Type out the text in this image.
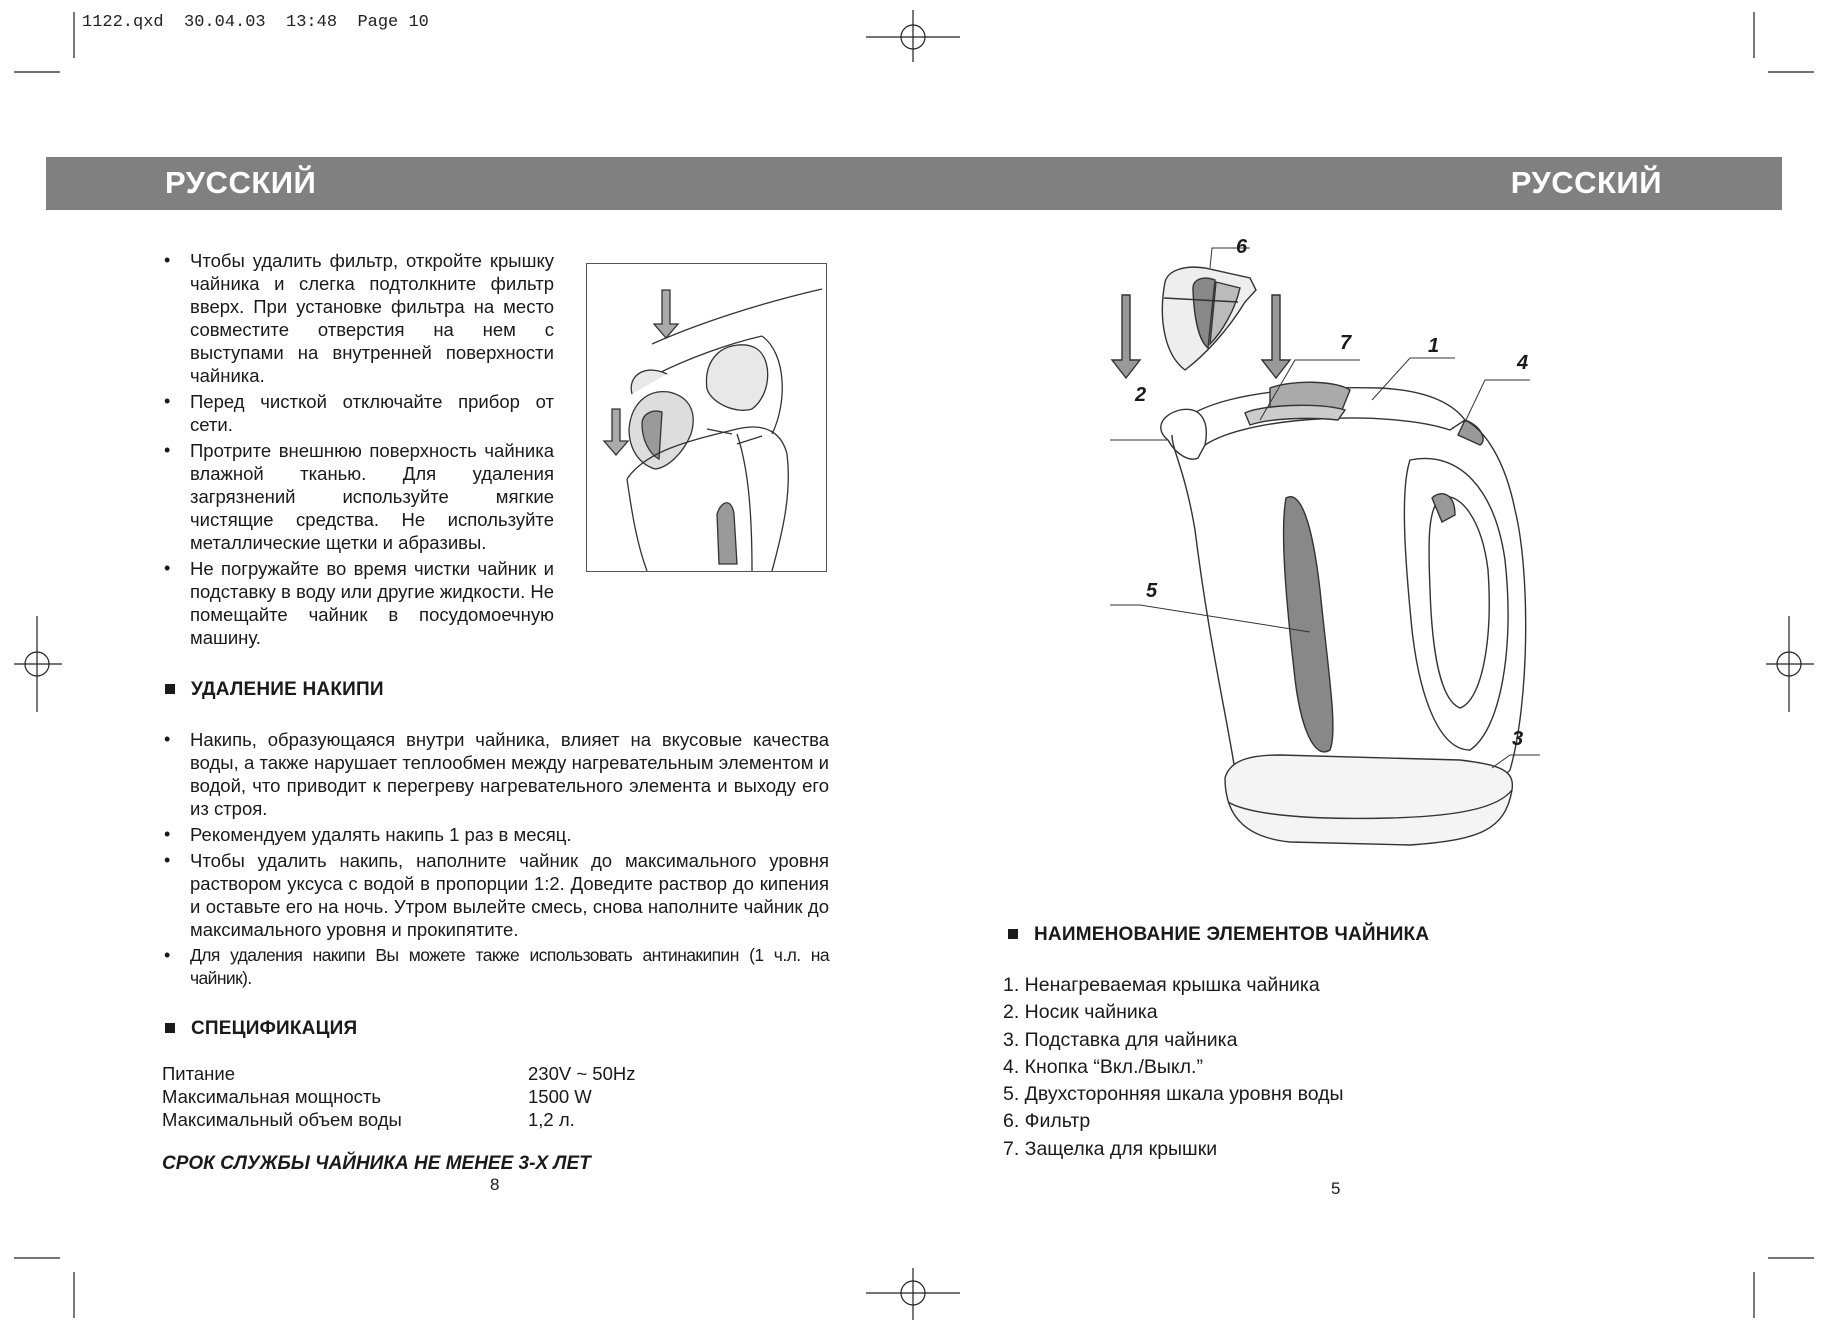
1122.qxd  30.04.03  13:48  Page 10
РУССКИЙ	РУССКИЙ
• Чтобы удалить фильтр, откройте крышку чайника и слегка подтолкните фильтр вверх. При установке фильтра на место совместите отверстия на нем с выступами на внутренней поверхности чайника.
• Перед чисткой отключайте прибор от сети.
• Протрите внешнюю поверхность чайника влажной тканью. Для удаления загрязнений используйте мягкие чистящие средства. Не используйте металлические щетки и абразивы.
• Не погружайте во время чистки чайник и подставку в воду или другие жидкости. Не помещайте чайник в посудомоечную машину.
УДАЛЕНИЕ НАКИПИ
• Накипь, образующаяся внутри чайника, влияет на вкусовые качества воды, а также нарушает теплообмен между нагревательным элементом и водой, что приводит к перегреву нагревательного элемента и выходу его из строя.
• Рекомендуем удалять накипь 1 раз в месяц.
• Чтобы удалить накипь, наполните чайник до максимального уровня раствором уксуса с водой в пропорции 1:2. Доведите раствор до кипения и оставьте его на ночь. Утром вылейте смесь, снова наполните чайник до максимального уровня и прокипятите.
• Для удаления накипи Вы можете также использовать антинакипин (1 ч.л. на чайник).
СПЕЦИФИКАЦИЯ
Питание	230V ~ 50Hz
Максимальная мощность	1500 W
Максимальный объем воды	1,2 л.
СРОК СЛУЖБЫ ЧАЙНИКА НЕ МЕНЕЕ 3-Х ЛЕТ
8
6
7	1
4
2
5
3
НАИМЕНОВАНИЕ ЭЛЕМЕНТОВ ЧАЙНИКА
1. Ненагреваемая крышка чайника
2. Носик чайника
3. Подставка для чайника
4. Кнопка “Вкл./Выкл.”
5. Двухсторонняя шкала уровня воды
6. Фильтр
7. Защелка для крышки
5
